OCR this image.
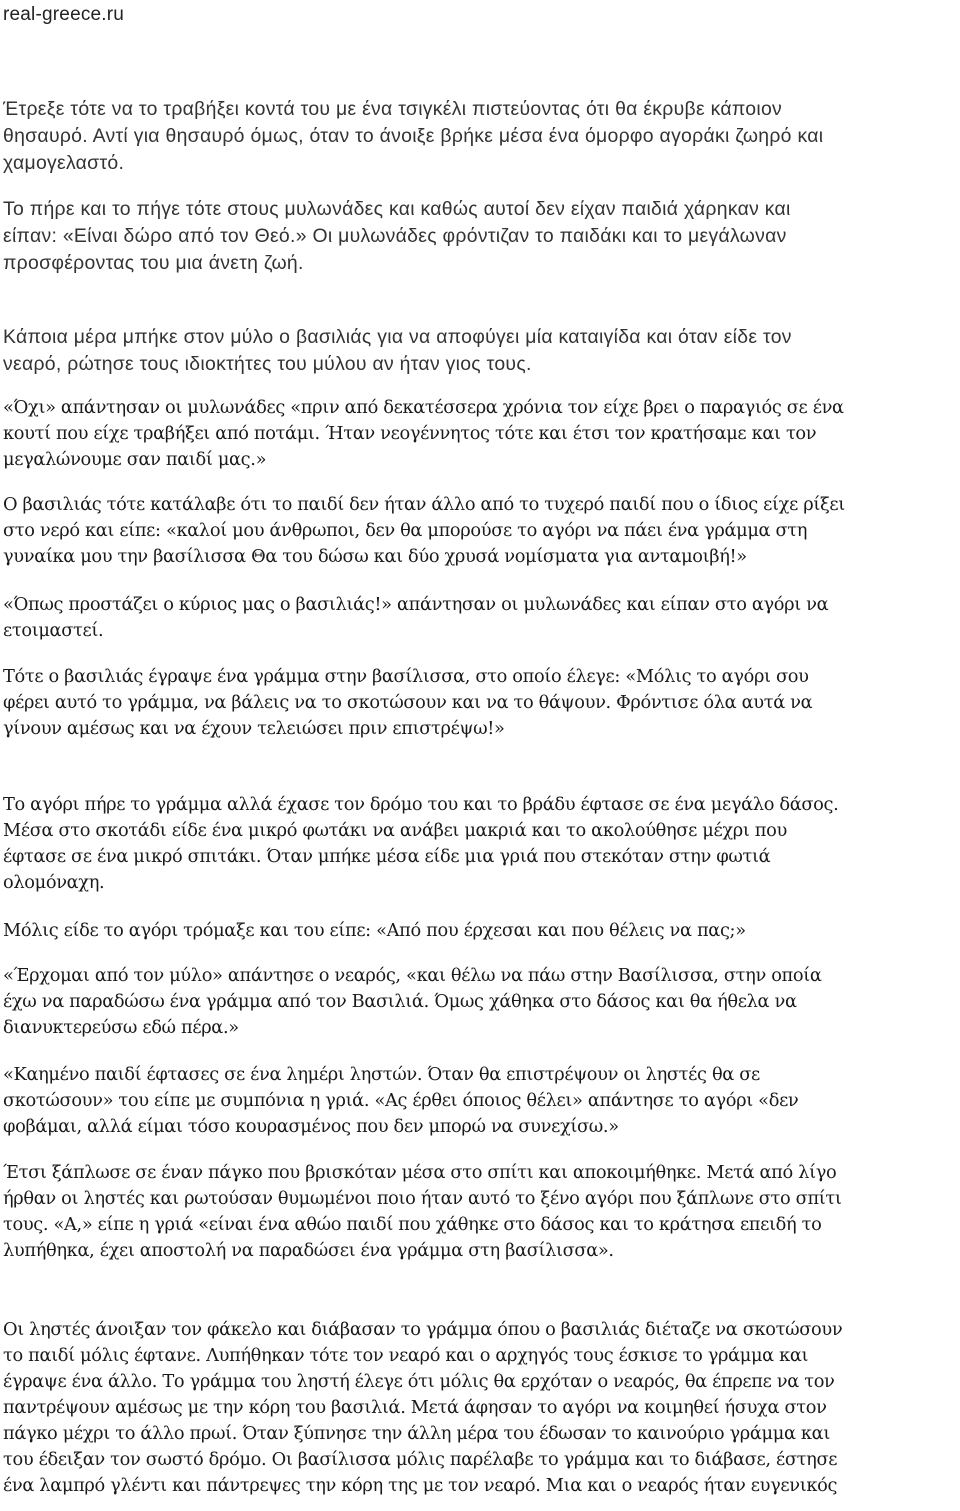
real-greece.ru

Έτρεξε τότε να το τραβήξει κοντά του με ένα τσιγκέλι πιστεύοντας ότι θα έκρυβε κάποιον
θησαυρό. Αντί για θησαυρό όμως, όταν το άνοιξε βρήκε μέσα ένα όμορφο αγοράκι ζωηρό και
χαμογελαστό.

Το πήρε και το πήγε τότε στους μυλωνάδες και καθώς αυτοί δεν είχαν παιδιά χάρηκαν και
είπαν: «Είναι δώρο από τον Θεό.» Οι μυλωνάδες φρόντιζαν το παιδάκι και το μεγάλωναν
προσφέροντας του μια άνετη ζωή.

Κάποια μέρα μπήκε στον μύλο ο βασιλιάς για να αποφύγει μία καταιγίδα και όταν είδε τον
νεαρό, ρώτησε τους ιδιοκτήτες του μύλου αν ήταν γιος τους.

«Όχι» απάντησαν οι μυλωνάδες «πριν από δεκατέσσερα χρόνια τον είχε βρει ο παραγιός σε ένα
κουτί που είχε τραβήξει από ποτάμι. Ήταν νεογέννητος τότε και έτσι τον κρατήσαμε και τον
μεγαλώνουμε σαν παιδί μας.»

Ο βασιλιάς τότε κατάλαβε ότι το παιδί δεν ήταν άλλο από το τυχερό παιδί που ο ίδιος είχε ρίξει
στο νερό και είπε: «καλοί μου άνθρωποι, δεν θα μπορούσε το αγόρι να πάει ένα γράμμα στη
γυναίκα μου την βασίλισσα Θα του δώσω και δύο χρυσά νομίσματα για ανταμοιβή!»

«Όπως προστάζει ο κύριος μας ο βασιλιάς!» απάντησαν οι μυλωνάδες και είπαν στο αγόρι να
ετοιμαστεί.

Τότε ο βασιλιάς έγραψε ένα γράμμα στην βασίλισσα, στο οποίο έλεγε: «Μόλις το αγόρι σου
φέρει αυτό το γράμμα, να βάλεις να το σκοτώσουν και να το θάψουν. Φρόντισε όλα αυτά να
γίνουν αμέσως και να έχουν τελειώσει πριν επιστρέψω!»

Το αγόρι πήρε το γράμμα αλλά έχασε τον δρόμο του και το βράδυ έφτασε σε ένα μεγάλο δάσος.
Μέσα στο σκοτάδι είδε ένα μικρό φωτάκι να ανάβει μακριά και το ακολούθησε μέχρι που
έφτασε σε ένα μικρό σπιτάκι. Όταν μπήκε μέσα είδε μια γριά που στεκόταν στην φωτιά
ολομόναχη.

Μόλις είδε το αγόρι τρόμαξε και του είπε: «Από που έρχεσαι και που θέλεις να πας;»

«Έρχομαι από τον μύλο» απάντησε ο νεαρός, «και θέλω να πάω στην Βασίλισσα, στην οποία
έχω να παραδώσω ένα γράμμα από τον Βασιλιά. Όμως χάθηκα στο δάσος και θα ήθελα να
διανυκτερεύσω εδώ πέρα.»

«Καημένο παιδί έφτασες σε ένα λημέρι ληστών. Όταν θα επιστρέψουν οι ληστές θα σε
σκοτώσουν» του είπε με συμπόνια η γριά. «Ας έρθει όποιος θέλει» απάντησε το αγόρι «δεν
φοβάμαι, αλλά είμαι τόσο κουρασμένος που δεν μπορώ να συνεχίσω.»

Έτσι ξάπλωσε σε έναν πάγκο που βρισκόταν μέσα στο σπίτι και αποκοιμήθηκε. Μετά από λίγο
ήρθαν οι ληστές και ρωτούσαν θυμωμένοι ποιο ήταν αυτό το ξένο αγόρι που ξάπλωνε στο σπίτι
τους. «Α,» είπε η γριά «είναι ένα αθώο παιδί που χάθηκε στο δάσος και το κράτησα επειδή το
λυπήθηκα, έχει αποστολή να παραδώσει ένα γράμμα στη βασίλισσα».

Οι ληστές άνοιξαν τον φάκελο και διάβασαν το γράμμα όπου ο βασιλιάς διέταζε να σκοτώσουν
το παιδί μόλις έφτανε. Λυπήθηκαν τότε τον νεαρό και ο αρχηγός τους έσκισε το γράμμα και
έγραψε ένα άλλο. Το γράμμα του ληστή έλεγε ότι μόλις θα ερχόταν ο νεαρός, θα έπρεπε να τον
παντρέψουν αμέσως με την κόρη του βασιλιά. Μετά άφησαν το αγόρι να κοιμηθεί ήσυχα στον
πάγκο μέχρι το άλλο πρωί. Όταν ξύπνησε την άλλη μέρα του έδωσαν το καινούριο γράμμα και
του έδειξαν τον σωστό δρόμο. Οι βασίλισσα μόλις παρέλαβε το γράμμα και το διάβασε, έστησε
ένα λαμπρό γλέντι και πάντρεψες την κόρη της με τον νεαρό. Μια και ο νεαρός ήταν ευγενικός
